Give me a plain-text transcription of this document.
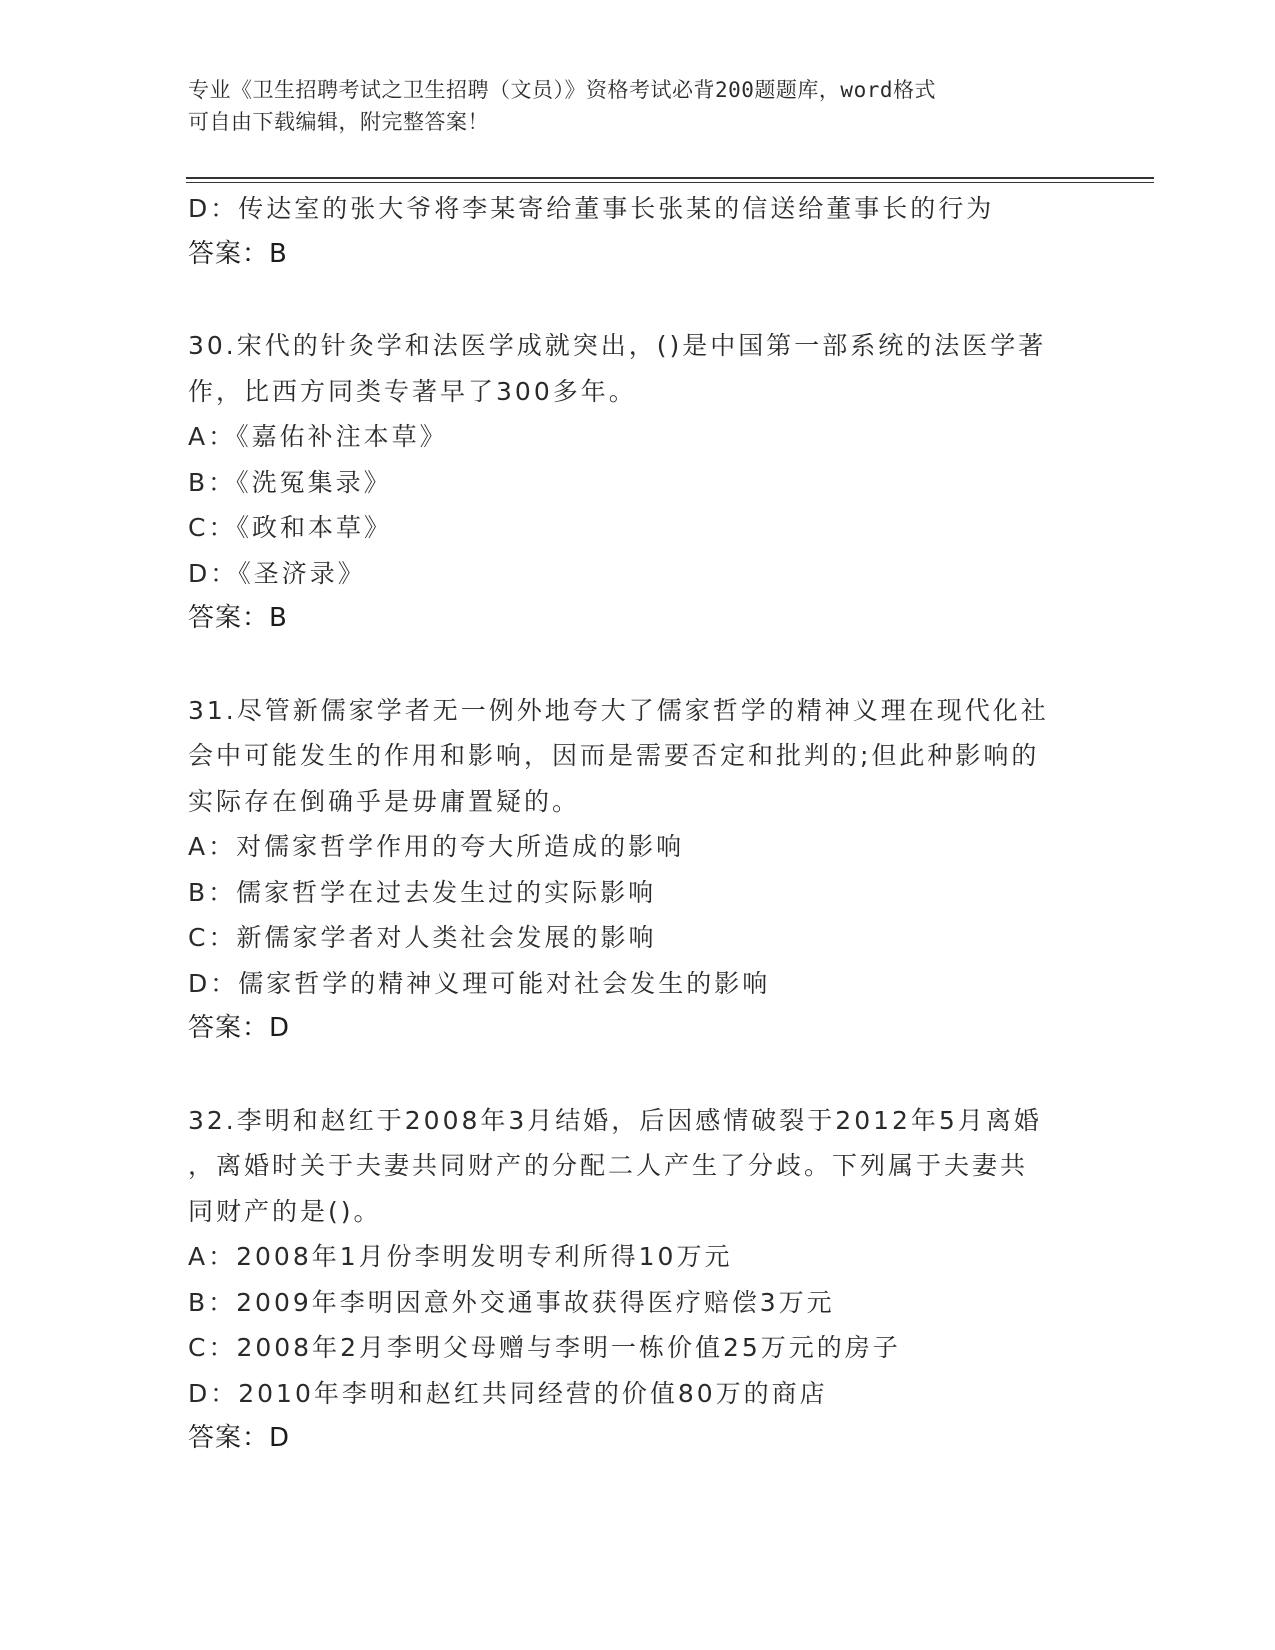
专业《卫生招聘考试之卫生招聘（文员）》资格考试必背200题题库，word格式
可自由下载编辑，附完整答案！
D：传达室的张大爷将李某寄给董事长张某的信送给董事长的行为
答案：B
30.宋代的针灸学和法医学成就突出，()是中国第一部系统的法医学著
作，比西方同类专著早了300多年。
A：《嘉佑补注本草》
B：《洗冤集录》
C：《政和本草》
D：《圣济录》
答案：B
31.尽管新儒家学者无一例外地夸大了儒家哲学的精神义理在现代化社
会中可能发生的作用和影响，因而是需要否定和批判的;但此种影响的
实际存在倒确乎是毋庸置疑的。
A：对儒家哲学作用的夸大所造成的影响
B：儒家哲学在过去发生过的实际影响
C：新儒家学者对人类社会发展的影响
D：儒家哲学的精神义理可能对社会发生的影响
答案：D
32.李明和赵红于2008年3月结婚，后因感情破裂于2012年5月离婚
，离婚时关于夫妻共同财产的分配二人产生了分歧。下列属于夫妻共
同财产的是()。
A：2008年1月份李明发明专利所得10万元
B：2009年李明因意外交通事故获得医疗赔偿3万元
C：2008年2月李明父母赠与李明一栋价值25万元的房子
D：2010年李明和赵红共同经营的价值80万的商店
答案：D
